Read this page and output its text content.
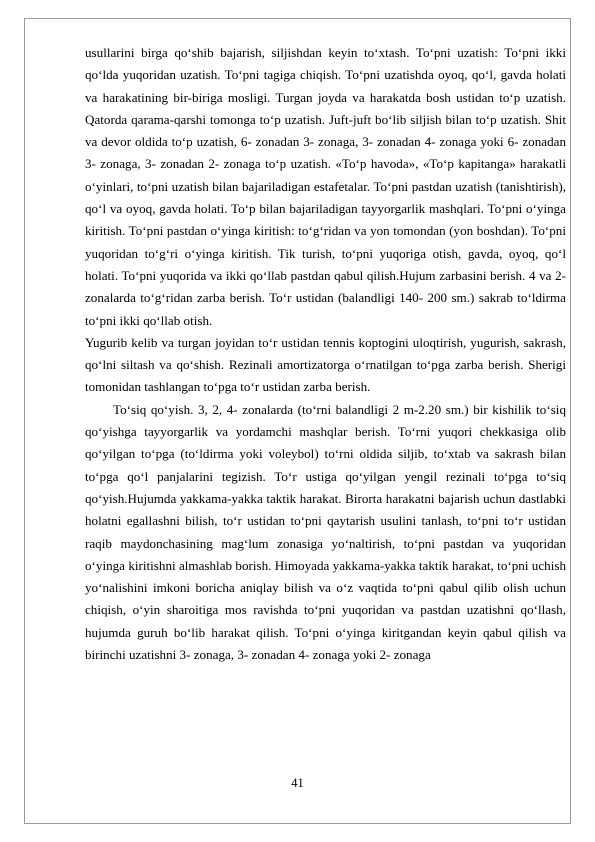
usullarini birga qo‘shib bajarish, siljishdan keyin to‘xtash. To‘pni uzatish: To‘pni ikki qo‘lda yuqoridan uzatish. To‘pni tagiga chiqish. To‘pni uzatishda oyoq, qo‘l, gavda holati va harakatining bir-biriga mosligi. Turgan joyda va harakatda bosh ustidan to‘p uzatish. Qatorda qarama-qarshi tomonga to‘p uzatish. Juft-juft bo‘lib siljish bilan to‘p uzatish. Shit va devor oldida to‘p uzatish, 6- zonadan 3- zonaga, 3- zonadan 4- zonaga yoki 6- zonadan 3- zonaga, 3- zonadan 2- zonaga to‘p uzatish. «To‘p havoda», «To‘p kapitanga» harakatli o‘yinlari, to‘pni uzatish bilan bajariladigan estafetalar. To‘pni pastdan uzatish (tanishtirish), qo‘l va oyoq, gavda holati. To‘p bilan bajariladigan tayyorgarlik mashqlari. To‘pni o‘yinga kiritish. To‘pni pastdan o‘yinga kiritish: to‘g‘ridan va yon tomondan (yon boshdan). To‘pni yuqoridan to‘g‘ri o‘yinga kiritish. Tik turish, to‘pni yuqoriga otish, gavda, oyoq, qo‘l holati. To‘pni yuqorida va ikki qo‘llab pastdan qabul qilish.Hujum zarbasini berish. 4 va 2- zonalarda to‘g‘ridan zarba berish. To‘r ustidan (balandligi 140- 200 sm.) sakrab to‘ldirma to‘pni ikki qo‘llab otish.

Yugurib kelib va turgan joyidan to‘r ustidan tennis koptogini uloqtirish, yugurish, sakrash, qo‘lni siltash va qo‘shish. Rezinali amortizatorga o‘rnatilgan to‘pga zarba berish. Sherigi tomonidan tashlangan to‘pga to‘r ustidan zarba berish.

To‘siq qo‘yish. 3, 2, 4- zonalarda (to‘rni balandligi 2 m-2.20 sm.) bir kishilik to‘siq qo‘yishga tayyorgarlik va yordamchi mashqlar berish. To‘rni yuqori chekkasiga olib qo‘yilgan to‘pga (to‘ldirma yoki voleybol) to‘rni oldida siljib, to‘xtab va sakrash bilan to‘pga qo‘l panjalarini tegizish. To‘r ustiga qo‘yilgan yengil rezinali to‘pga to‘siq qo‘yish.Hujumda yakkama-yakka taktik harakat. Birorta harakatni bajarish uchun dastlabki holatni egallashni bilish, to‘r ustidan to‘pni qaytarish usulini tanlash, to‘pni to‘r ustidan raqib maydonchasining mag‘lum zonasiga yo‘naltirish, to‘pni pastdan va yuqoridan o‘yinga kiritishni almashlab borish. Himoyada yakkama-yakka taktik harakat, to‘pni uchish yo‘nalishini imkoni boricha aniqlay bilish va o‘z vaqtida to‘pni qabul qilib olish uchun chiqish, o‘yin sharoitiga mos ravishda to‘pni yuqoridan va pastdan uzatishni qo‘llash, hujumda guruh bo‘lib harakat qilish. To‘pni o‘yinga kiritgandan keyin qabul qilish va birinchi uzatishni 3- zonaga, 3- zonadan 4- zonaga yoki 2- zonaga

41
